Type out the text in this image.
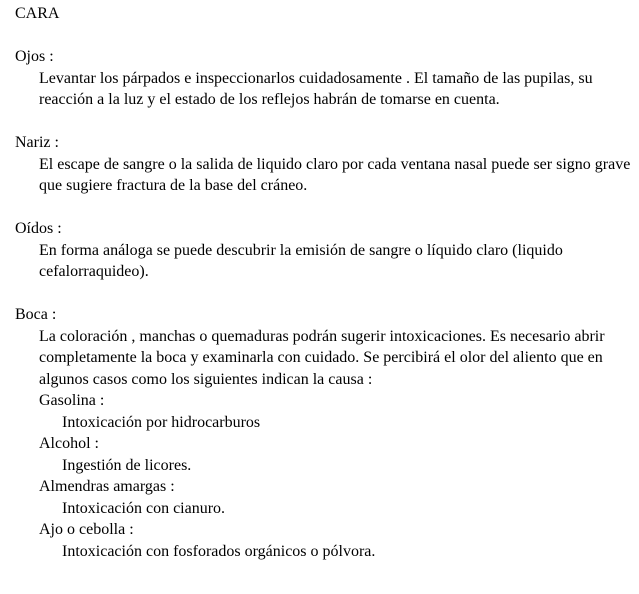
CARA

Ojos :

Levantar los párpados e inspeccionarlos cuidadosamente . El tamaño de las pupilas, su reacción a la luz y el estado de los reflejos habrán de tomarse en cuenta.

Nariz :

El escape de sangre o la salida de liquido claro por cada ventana nasal puede ser signo grave que sugiere fractura de la base del cráneo.

Oídos :

En forma análoga se puede descubrir la emisión de sangre o líquido claro (liquido cefalorraquideo).

Boca :

La coloración , manchas o quemaduras podrán sugerir intoxicaciones. Es necesario abrir completamente la boca y examinarla con cuidado. Se percibirá el olor del aliento que en algunos casos como los siguientes indican la causa :

Gasolina :

Intoxicación por hidrocarburos

Alcohol :

Ingestión de licores.

Almendras amargas :

Intoxicación con cianuro.

Ajo o cebolla :

Intoxicación con fosforados orgánicos o pólvora.
